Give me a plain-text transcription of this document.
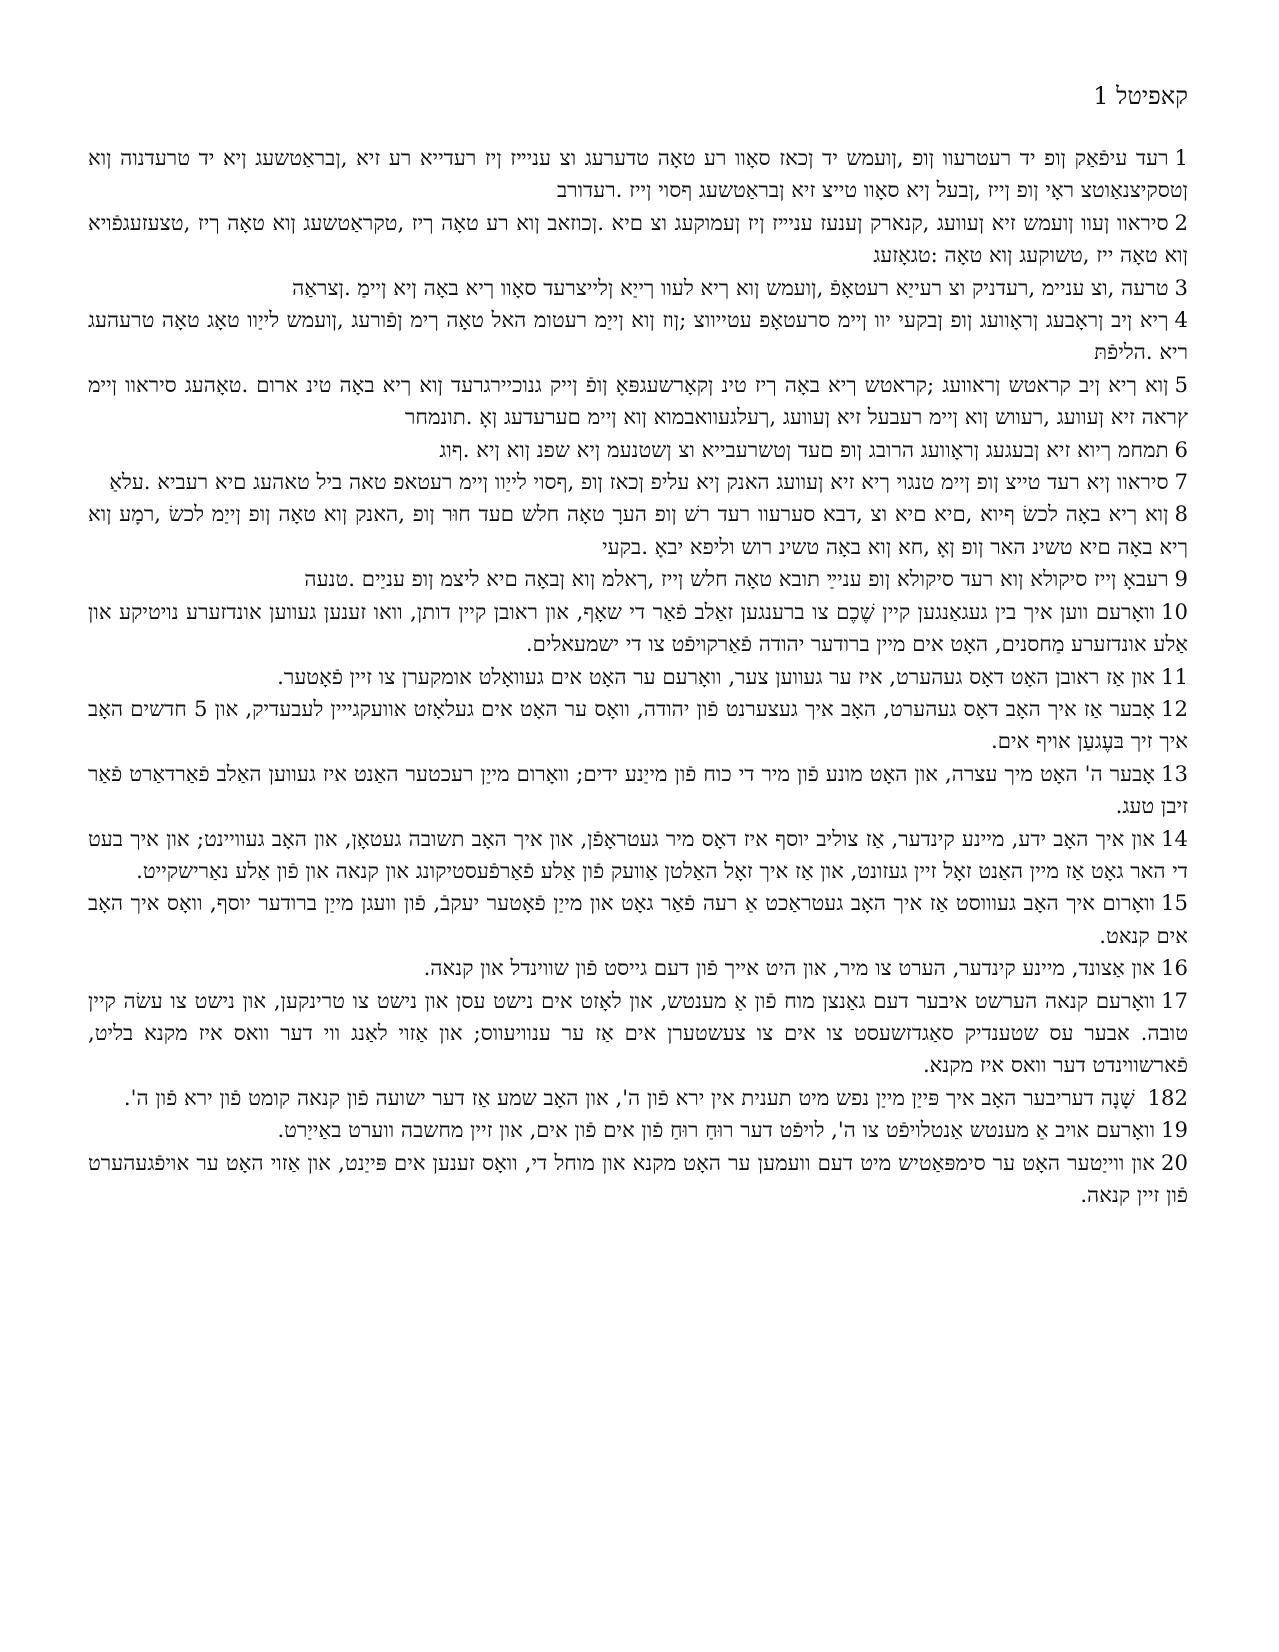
קאפיטל 1

1רעד עיפֿאַק ןופ יד רעטרעוו ןופ ,ןועמש יד ןכאז סאָוו רע טאָה טדערעג וצ עניײז ןיז רעדייא רע זיא ,ןבראַטשעג ןיא יד טרעדנוה ןוא ןטסקיצנאַוטצ ראָי ןופ ןייז ,ןבעל ןיא סאָוו טייצ זיא ןבראַטשעג ףסוי ןייז .רעדורב

2סיראוו ןעוו ןועמש זיא ןעוועג ,קנארק ןענעז עניײז ןיז ןעמוקעג וצ םיא .ןכוזאב ןוא רע טאָה ךיז ,טקראַטשעג ןוא טאָה ךיז ,טצעזעגפֿויא ןוא טאָה ייז ,טשוקעג ןוא טאָה :טגאָזעג

3טרעה ,וצ עניימ ,רעדניק וצ רעייַא רעטאָפֿ ,ןועמש ןוא ךיא לעוו ךייַא ןלייצרעד סאָוו ךיא באָה ןיא ןיימַ .ןצראַה

4ךיא ןיב ןראָבעג ןראָוועג ןופ ןבקעי יוו ןיימ סרעטאָפ עטייווצ ;ןוז ןוא ןייַמ רעטומ האל טאָה ךימ ןפֿורעג ,ןועמש לייַוו טאָג טאָה טרעהעג ריא .הליפֿתּ

5ןוא ךיא ןיב קראטש ןראוועג ;קראטש ךיא באָה ךיז טינ ןקאָרשעגפּאָ ןופֿ ןייק גנוכיירגרעד ןוא ךיא באָה טינ ארום .טאָהעג סיראוו ןיימ ץראה זיא ןעוועג ,רעווש ןוא ןיימ רעבעל זיא ןעוועג ,ךעלגעוואבמוא ןוא ןיימ םערעדעג ןאָ .תונמחר

6תמחמ ךיוא זיא ןבעגעג ןראָוועג הרובג ןופ םעד ןטשרעבייא וצ ןשטנעמ ןיא שפנ ןוא ןיא .ףוג

7סיראוו ןיא רעד טייצ ןופ ןיימ טנגוי ךיא זיא ןעוועג האנק ןיא עליפ ןכאז ןופ ,ףסוי לייַוו ןיימ רעטאפ טאה ביל טאהעג םיא רעביא .עלאַ

8ןוא ךיא באָה לכשׂ ףיוא ,םיא םיא וצ ,דבא סערעוו רעד רשׁ ןופ הערָ טאָה חלש םעד חוּר ןופ ,האנק ןוא טאָה ןופ ןייַמ לכשׂ ,רמָע ןוא ךיא באָה םיא טשינ האר ןופ ןאָ ,חא ןוא באָה טשינ רוש וליפא יבאָ .בקעי

9רעבאָ ןייז סיקולא ןוא רעד סיקולא ןופ עניײַ תובא טאָה חלש ןייז ,ךאלמ ןוא ןבאָה םיא ליצמ ןופ עניַים .טנעה

10וואָרעם ווען איך בין געגאַנגען קיין שֶׁכֶם צו ברענגען זאַלב פֿאַר די שאָף, און ראובן קיין דותן, וואו זענען געווען אונדזערע נויטיקע און אַלע אונדזערע מַחסנים, האָט אים מיין ברודער יהודה פֿאַרקויפֿט צו די ישמעאלים.

11און אַז ראובן האָט דאָס געהערט, איז ער געווען צער, וואָרעם ער האָט אים געוואָלט אומקערן צו זיין פֿאָטער.

12אָבער אַז איך האָב דאָס געהערט, האָב איך געצערנט פֿון יהודה, וואָס ער האָט אים געלאָזט אוועקגייין לעבעדיק, און 5 חדשים האָב איך זיך בּעֶגעַן אויף אים.

13אָבער ה' האָט מיך עצרה, און האָט מונע פֿון מיר די כוח פֿון מייַנע ידים; וואָרום מייַן רעכטער האַנט איז געווען האַלב פֿאַרדאַרט פֿאַר זיבן טעג.

14און איך האָב ידע, מיינע קינדער, אַז צוליב יוסף איז דאָס מיר געטראָפֿן, און איך האָב תשובה געטאָן, און האָב געוויינט; און איך בעט די האר גאָט אַז מיין האַנט זאָל זיין געזונט, און אַז איך זאָל האַלטן אַוועק פֿון אַלע פֿאַרפֿעסטיקונג און קנאה און פֿון אַלע נאַרישקייט.

15וואָרום איך האָב געוווסט אַז איך האָב געטראַכט אַ רעה פֿאַר גאָט און מייַן פֿאָטער יעקבֿ, פֿון וועגן מייַן ברודער יוסף, וואָס איך האָב אים קנאט.

16און אַצונד, מיינע קינדער, הערט צו מיר, און היט אייך פֿון דעם גייסט פֿון שווינדל און קנאה.

17וואָרעם קנאה הערשט איבער דעם גאַנצן מוח פֿון אַ מענטש, און לאָזט אים נישט עסן און נישט צו טרינקען, און נישט צו עשׂה קיין טובה. אבער עס שטענדיק סאַגדזשעסט צו אים צו צעשטערן אים אַז ער ענוויעווס; און אַזוי לאַנג ווי דער וואס איז מקנא בליט, פֿארשווינדט דער וואס איז מקנא.

182 שָׁנָה דעריבער האָב איך פּייַן מייַן נפש מיט תענית אין ירא פֿון ה', און האָב שמע אַז דער ישועה פֿון קנאה קומט פֿון ירא פֿון ה'.

19וואָרעם אויב אַ מענטש אַנטלויפֿט צו ה', לויפֿט דער רוּחַ רוּחַ פֿון אים פֿון אים, און זיין מחשבה ווערט באַייַרט.

20און ווייַטער האָט ער סימפּאַטיש מיט דעם וועמען ער האָט מקנא און מוחל די, וואָס זענען אים פּייַנט, און אַזוי האָט ער אויפֿגעהערט פֿון זיין קנאה.
